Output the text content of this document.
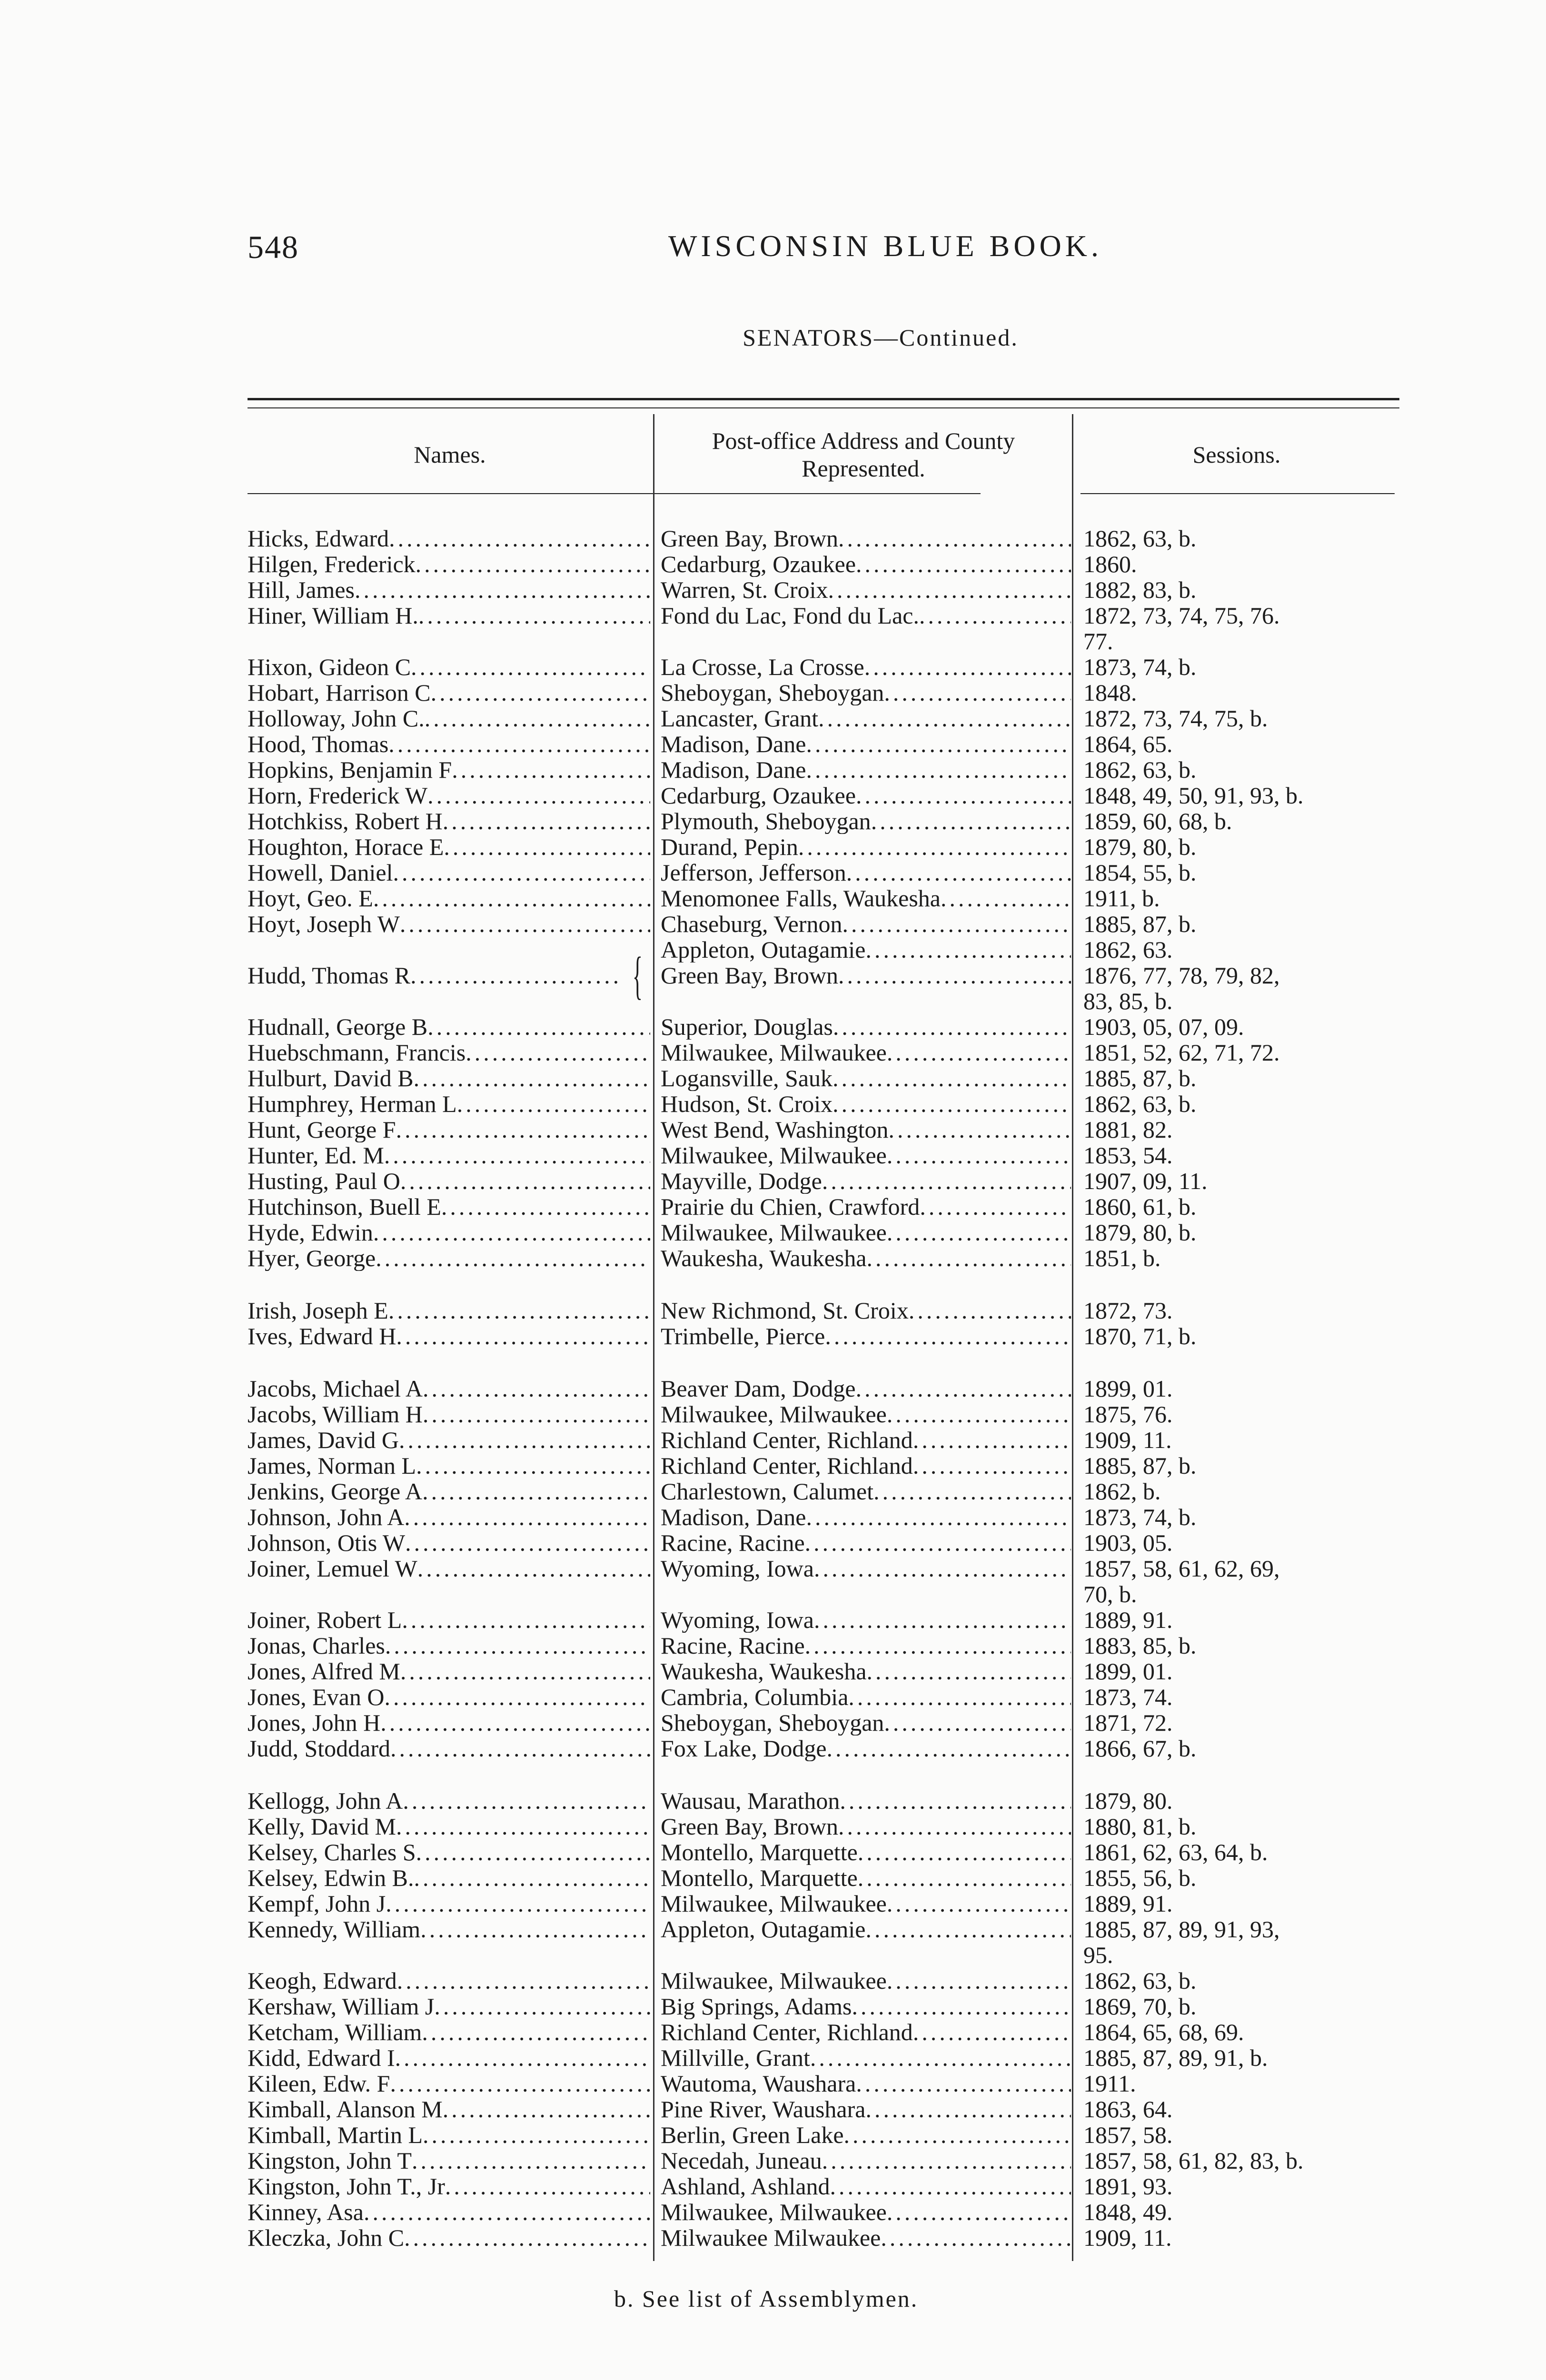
548	WISCONSIN BLUE BOOK.
SENATORS—Continued.
Names.
Post-office Address and County Represented.
Sessions.
Hicks, Edward .....	Green Bay, Brown .....	1862, 63, b.
Hilgen, Frederick .....	Cedarburg, Ozaukee .....	1860.
Hill, James .....	Warren, St. Croix .....	1882, 83, b.
Hiner, William H. .....	Fond du Lac, Fond du Lac. .....	1872, 73, 74, 75, 76.
77.
Hixon, Gideon C .....	La Crosse, La Crosse .....	1873, 74, b.
Hobart, Harrison C .....	Sheboygan, Sheboygan .....	1848.
Holloway, John C. .....	Lancaster, Grant .....	1872, 73, 74, 75, b.
Hood, Thomas .....	Madison, Dane .....	1864, 65.
Hopkins, Benjamin F .....	Madison, Dane .....	1862, 63, b.
Horn, Frederick W .....	Cedarburg, Ozaukee .....	1848, 49, 50, 91, 93, b.
Hotchkiss, Robert H .....	Plymouth, Sheboygan .....	1859, 60, 68, b.
Houghton, Horace E .....	Durand, Pepin .....	1879, 80, b.
Howell, Daniel .....	Jefferson, Jefferson .....	1854, 55, b.
Hoyt, Geo. E .....	Menomonee Falls, Waukesha .....	1911, b.
Hoyt, Joseph W .....	Chaseburg, Vernon .....	1885, 87, b.
Hudd, Thomas R .....	{ Appleton, Outagamie .....	1862, 63.
Green Bay, Brown .....	1876, 77, 78, 79, 82,
83, 85, b.
Hudnall, George B .....	Superior, Douglas .....	1903, 05, 07, 09.
Huebschmann, Francis .....	Milwaukee, Milwaukee .....	1851, 52, 62, 71, 72.
Hulburt, David B .....	Logansville, Sauk .....	1885, 87, b.
Humphrey, Herman L .....	Hudson, St. Croix .....	1862, 63, b.
Hunt, George F .....	West Bend, Washington .....	1881, 82.
Hunter, Ed. M .....	Milwaukee, Milwaukee .....	1853, 54.
Husting, Paul O .....	Mayville, Dodge .....	1907, 09, 11.
Hutchinson, Buell E .....	Prairie du Chien, Crawford .....	1860, 61, b.
Hyde, Edwin .....	Milwaukee, Milwaukee .....	1879, 80, b.
Hyer, George .....	Waukesha, Waukesha .....	1851, b.
Irish, Joseph E .....	New Richmond, St. Croix .....	1872, 73.
Ives, Edward H .....	Trimbelle, Pierce .....	1870, 71, b.
Jacobs, Michael A .....	Beaver Dam, Dodge .....	1899, 01.
Jacobs, William H .....	Milwaukee, Milwaukee .....	1875, 76.
James, David G .....	Richland Center, Richland .....	1909, 11.
James, Norman L .....	Richland Center, Richland .....	1885, 87, b.
Jenkins, George A .....	Charlestown, Calumet .....	1862, b.
Johnson, John A .....	Madison, Dane .....	1873, 74, b.
Johnson, Otis W .....	Racine, Racine .....	1903, 05.
Joiner, Lemuel W .....	Wyoming, Iowa .....	1857, 58, 61, 62, 69,
70, b.
Joiner, Robert L .....	Wyoming, Iowa .....	1889, 91.
Jonas, Charles .....	Racine, Racine .....	1883, 85, b.
Jones, Alfred M .....	Waukesha, Waukesha .....	1899, 01.
Jones, Evan O .....	Cambria, Columbia .....	1873, 74.
Jones, John H .....	Sheboygan, Sheboygan .....	1871, 72.
Judd, Stoddard .....	Fox Lake, Dodge .....	1866, 67, b.
Kellogg, John A .....	Wausau, Marathon .....	1879, 80.
Kelly, David M .....	Green Bay, Brown .....	1880, 81, b.
Kelsey, Charles S .....	Montello, Marquette .....	1861, 62, 63, 64, b.
Kelsey, Edwin B. .....	Montello, Marquette .....	1855, 56, b.
Kempf, John J .....	Milwaukee, Milwaukee .....	1889, 91.
Kennedy, William .....	Appleton, Outagamie .....	1885, 87, 89, 91, 93,
95.
Keogh, Edward .....	Milwaukee, Milwaukee .....	1862, 63, b.
Kershaw, William J .....	Big Springs, Adams .....	1869, 70, b.
Ketcham, William .....	Richland Center, Richland .....	1864, 65, 68, 69.
Kidd, Edward I .....	Millville, Grant .....	1885, 87, 89, 91, b.
Kileen, Edw. F .....	Wautoma, Waushara .....	1911.
Kimball, Alanson M .....	Pine River, Waushara .....	1863, 64.
Kimball, Martin L .....	Berlin, Green Lake .....	1857, 58.
Kingston, John T .....	Necedah, Juneau .....	1857, 58, 61, 82, 83, b.
Kingston, John T., Jr .....	Ashland, Ashland .....	1891, 93.
Kinney, Asa .....	Milwaukee, Milwaukee .....	1848, 49.
Kleczka, John C .....	Milwaukee Milwaukee .....	1909, 11.
b. See list of Assemblymen.
